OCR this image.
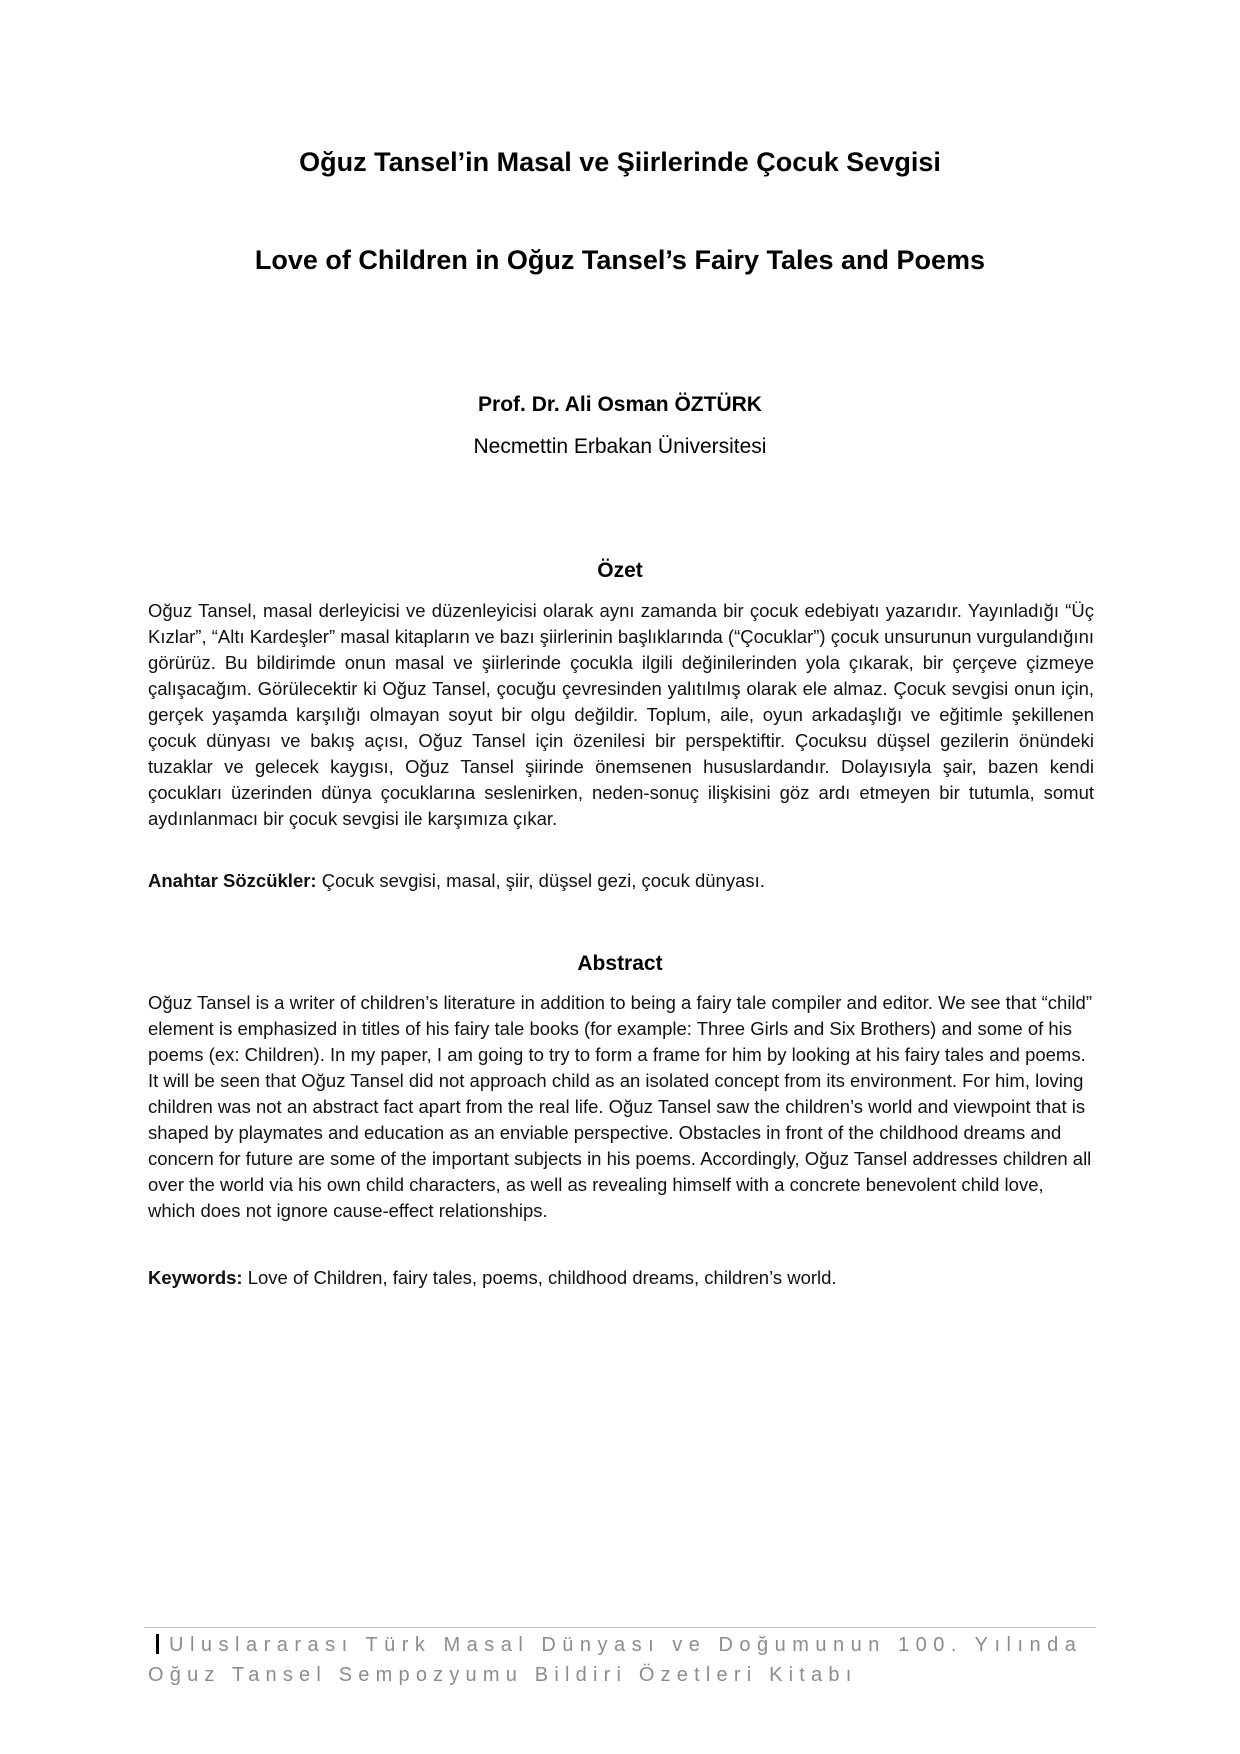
Oğuz Tansel’in Masal ve Şiirlerinde Çocuk Sevgisi
Love of Children in Oğuz Tansel’s Fairy Tales and Poems
Prof. Dr. Ali Osman ÖZTÜRK
Necmettin Erbakan Üniversitesi
Özet

Oğuz Tansel, masal derleyicisi ve düzenleyicisi olarak aynı zamanda bir çocuk edebiyatı yazarıdır. Yayınladığı “Üç Kızlar”, “Altı Kardeşler” masal kitapların ve bazı şiirlerinin başlıklarında (“Çocuklar”) çocuk unsurunun vurgulandığını görürüz. Bu bildirimde onun masal ve şiirlerinde çocukla ilgili değinilerinden yola çıkarak, bir çerçeve çizmeye çalışacağım. Görülecektir ki Oğuz Tansel, çocuğu çevresinden yalıtılmış olarak ele almaz. Çocuk sevgisi onun için, gerçek yaşamda karşılığı olmayan soyut bir olgu değildir. Toplum, aile, oyun arkadaşlığı ve eğitimle şekillenen çocuk dünyası ve bakış açısı, Oğuz Tansel için özenilesi bir perspektiftir. Çocuksu düşsel gezilerin önündeki tuzaklar ve gelecek kaygısı, Oğuz Tansel şiirinde önemsenen hususlardandır. Dolayısıyla şair, bazen kendi çocukları üzerinden dünya çocuklarına seslenirken, neden-sonuç ilişkisini göz ardı etmeyen bir tutumla, somut aydınlanmacı bir çocuk sevgisi ile karşımıza çıkar.

Anahtar Sözcükler: Çocuk sevgisi, masal, şiir, düşsel gezi, çocuk dünyası.

Abstract

Oğuz Tansel is a writer of children’s literature in addition to being a fairy tale compiler and editor. We see that “child” element is emphasized in titles of his fairy tale books (for example: Three Girls and Six Brothers) and some of his poems (ex: Children). In my paper, I am going to try to form a frame for him by looking at his fairy tales and poems. It will be seen that Oğuz Tansel did not approach child as an isolated concept from its environment. For him, loving children was not an abstract fact apart from the real life. Oğuz Tansel saw the children’s world and viewpoint that is shaped by playmates and education as an enviable perspective. Obstacles in front of the childhood dreams and concern for future are some of the important subjects in his poems. Accordingly, Oğuz Tansel addresses children all over the world via his own child characters, as well as revealing himself with a concrete benevolent child love, which does not ignore cause-effect relationships.

Keywords: Love of Children, fairy tales, poems, childhood dreams, children’s world.

Uluslararası Türk Masal Dünyası ve Doğumunun 100. Yılında
Oğuz Tansel Sempozyumu Bildiri Özetleri Kitabı
